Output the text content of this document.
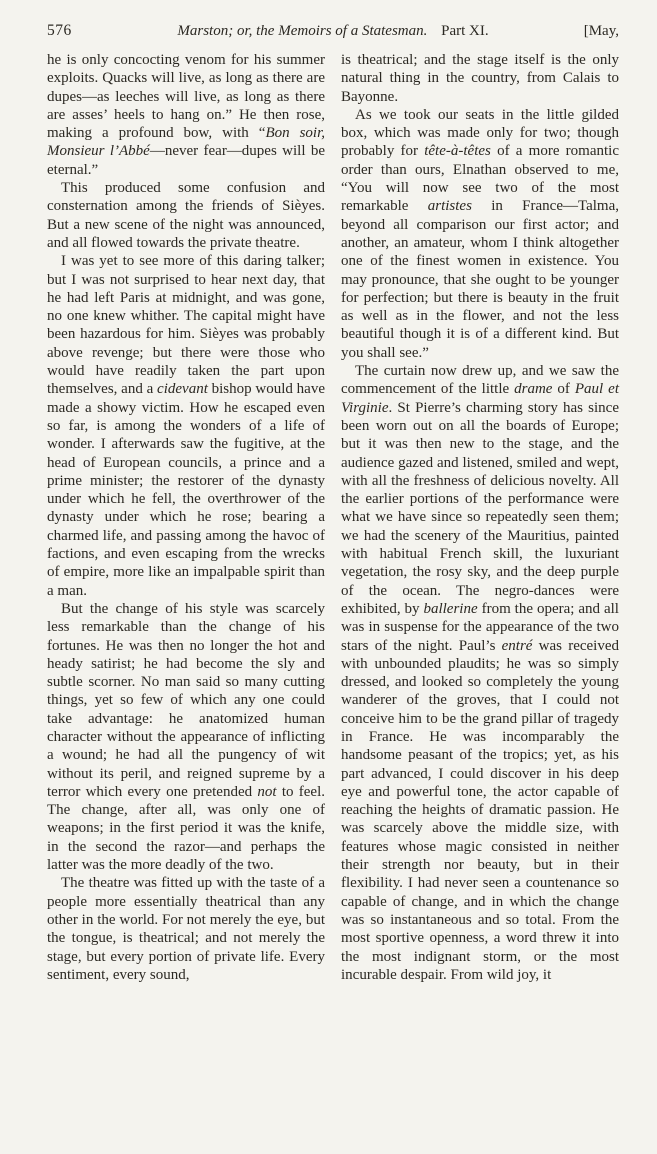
576	Marston; or, the Memoirs of a Statesman. Part XI.	[May,

he is only concocting venom for his summer exploits. Quacks will live, as long as there are dupes—as leeches will live, as long as there are asses’ heels to hang on.” He then rose, making a profound bow, with “Bon soir, Monsieur l’Abbé—never fear—dupes will be eternal.”

This produced some confusion and consternation among the friends of Sièyes. But a new scene of the night was announced, and all flowed towards the private theatre.

I was yet to see more of this daring talker; but I was not surprised to hear next day, that he had left Paris at midnight, and was gone, no one knew whither. The capital might have been hazardous for him. Sièyes was probably above revenge; but there were those who would have readily taken the part upon themselves, and a cidevant bishop would have made a showy victim. How he escaped even so far, is among the wonders of a life of wonder. I afterwards saw the fugitive, at the head of European councils, a prince and a prime minister; the restorer of the dynasty under which he fell, the overthrower of the dynasty under which he rose; bearing a charmed life, and passing among the havoc of factions, and even escaping from the wrecks of empire, more like an impalpable spirit than a man.

But the change of his style was scarcely less remarkable than the change of his fortunes. He was then no longer the hot and heady satirist; he had become the sly and subtle scorner. No man said so many cutting things, yet so few of which any one could take advantage: he anatomized human character without the appearance of inflicting a wound; he had all the pungency of wit without its peril, and reigned supreme by a terror which every one pretended not to feel. The change, after all, was only one of weapons; in the first period it was the knife, in the second the razor—and perhaps the latter was the more deadly of the two.

The theatre was fitted up with the taste of a people more essentially theatrical than any other in the world. For not merely the eye, but the tongue, is theatrical; and not merely the stage, but every portion of private life. Every sentiment, every sound,

is theatrical; and the stage itself is the only natural thing in the country, from Calais to Bayonne.

As we took our seats in the little gilded box, which was made only for two; though probably for tête-à-têtes of a more romantic order than ours, Elnathan observed to me, “You will now see two of the most remarkable artistes in France—Talma, beyond all comparison our first actor; and another, an amateur, whom I think altogether one of the finest women in existence. You may pronounce, that she ought to be younger for perfection; but there is beauty in the fruit as well as in the flower, and not the less beautiful though it is of a different kind. But you shall see.”

The curtain now drew up, and we saw the commencement of the little drame of Paul et Virginie. St Pierre’s charming story has since been worn out on all the boards of Europe; but it was then new to the stage, and the audience gazed and listened, smiled and wept, with all the freshness of delicious novelty. All the earlier portions of the performance were what we have since so repeatedly seen them; we had the scenery of the Mauritius, painted with habitual French skill, the luxuriant vegetation, the rosy sky, and the deep purple of the ocean. The negro-dances were exhibited, by ballerine from the opera; and all was in suspense for the appearance of the two stars of the night. Paul’s entré was received with unbounded plaudits; he was so simply dressed, and looked so completely the young wanderer of the groves, that I could not conceive him to be the grand pillar of tragedy in France. He was incomparably the handsome peasant of the tropics; yet, as his part advanced, I could discover in his deep eye and powerful tone, the actor capable of reaching the heights of dramatic passion. He was scarcely above the middle size, with features whose magic consisted in neither their strength nor beauty, but in their flexibility. I had never seen a countenance so capable of change, and in which the change was so instantaneous and so total. From the most sportive openness, a word threw it into the most indignant storm, or the most incurable despair. From wild joy, it
